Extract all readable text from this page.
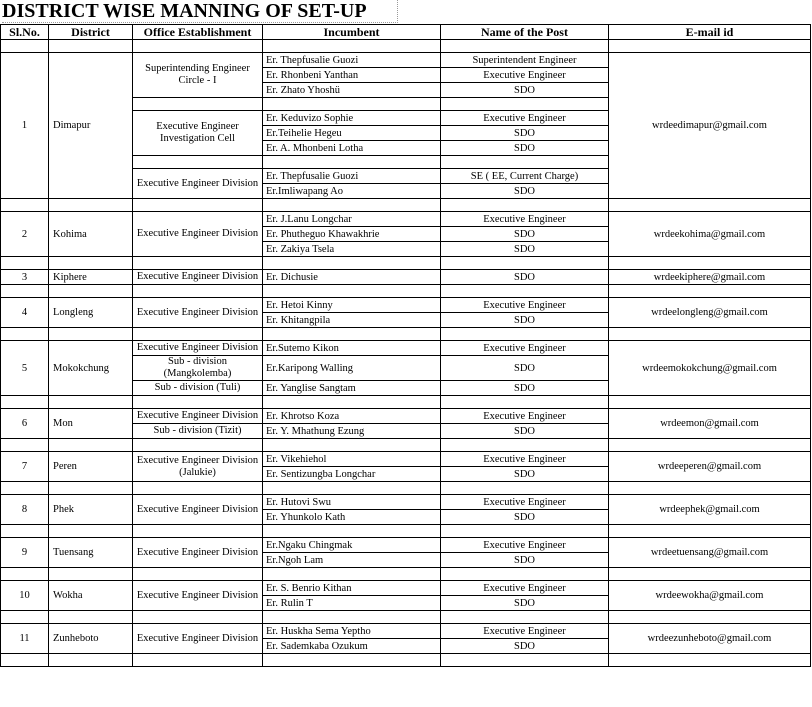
DISTRICT WISE MANNING OF SET-UP
Sl.No.	District	Office Establishment	Incumbent	Name of the Post	E-mail id	

1	Dimapur	Superintending Engineer Circle - I	Er. Thepfusalie Guozi	Superintendent Engineer	wrdeedimapur@gmail.com	
			Er. Rhonbeni Yanthan	Executive Engineer		
			Er. Zhato Yhoshü	SDO		

		Executive Engineer Investigation Cell	Er. Keduvizo Sophie	Executive Engineer		
			Er.Teihelie Hegeu	SDO		
			Er. A. Mhonbeni Lotha	SDO		

		Executive Engineer Division	Er. Thepfusalie Guozi	SE ( EE, Current Charge)		
			Er.Imliwapang Ao	SDO		

2	Kohima	Executive Engineer Division	Er. J.Lanu Longchar	Executive Engineer	wrdeekohima@gmail.com	
			Er. Phutheguo Khawakhrie	SDO		
			Er. Zakiya Tsela	SDO		

3	Kiphere	Executive Engineer Division	Er. Dichusie	SDO	wrdeekiphere@gmail.com	

4	Longleng	Executive Engineer Division	Er. Hetoi Kinny	Executive Engineer	wrdeelongleng@gmail.com	
			Er. Khitangpila	SDO		

5	Mokokchung	Executive Engineer Division	Er.Sutemo Kikon	Executive Engineer	wrdeemokokchung@gmail.com	
		Sub - division (Mangkolemba)	Er.Karipong Walling	SDO		
		Sub - division (Tuli)	Er. Yanglise Sangtam	SDO		

6	Mon	Executive Engineer Division	Er. Khrotso Koza	Executive Engineer	wrdeemon@gmail.com	
		Sub - division (Tizit)	Er. Y. Mhathung Ezung	SDO		

7	Peren	Executive Engineer Division (Jalukie)	Er. Vikehiehol	Executive Engineer	wrdeeperen@gmail.com	
			Er. Sentizungba Longchar	SDO		

8	Phek	Executive Engineer Division	Er. Hutovi Swu	Executive Engineer	wrdeephek@gmail.com	
			Er. Yhunkolo Kath	SDO		

9	Tuensang	Executive Engineer Division	Er.Ngaku Chingmak	Executive Engineer	wrdeetuensang@gmail.com	
			Er.Ngoh Lam	SDO		

10	Wokha	Executive Engineer Division	Er. S. Benrio Kithan	Executive Engineer	wrdeewokha@gmail.com	
			Er. Rulin T	SDO		

11	Zunheboto	Executive Engineer Division	Er. Huskha Sema Yeptho	Executive Engineer	wrdeezunheboto@gmail.com	
			Er. Sademkaba Ozukum	SDO		
